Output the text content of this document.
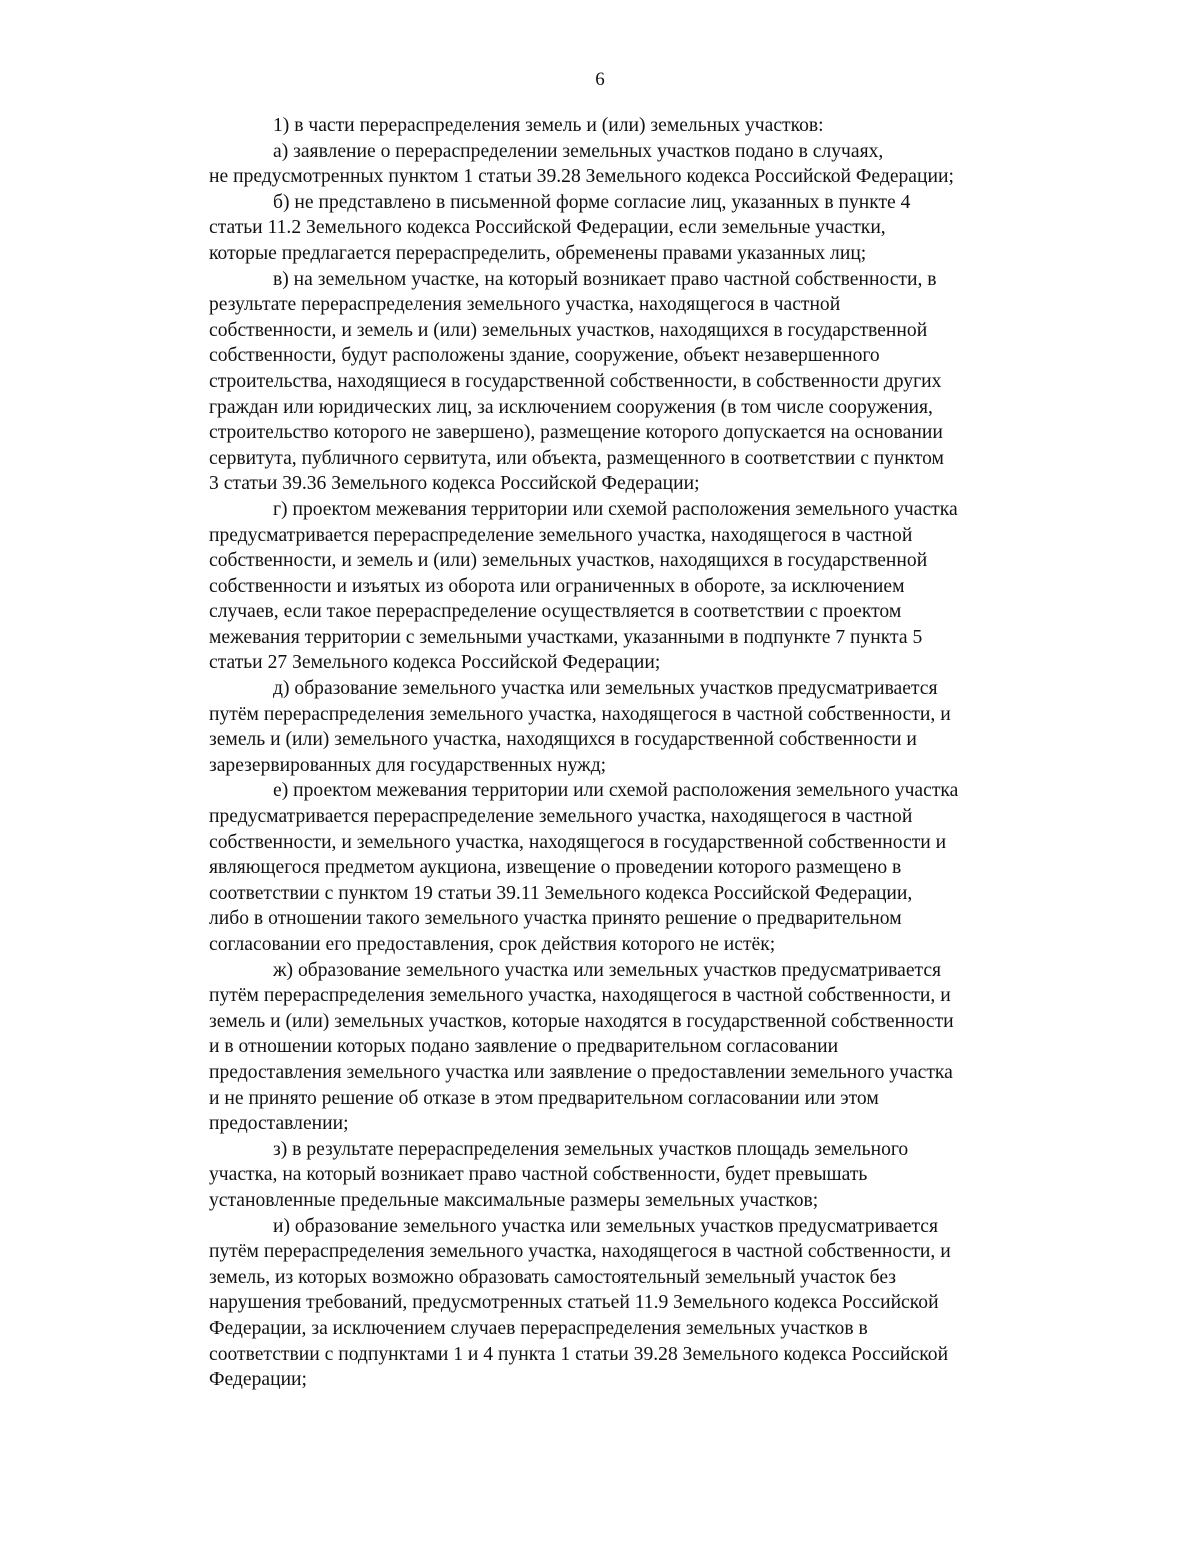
6

1) в части перераспределения земель и (или) земельных участков:

а) заявление о перераспределении земельных участков подано в случаях,
не предусмотренных пунктом 1 статьи 39.28 Земельного кодекса Российской Федерации;

б) не представлено в письменной форме согласие лиц, указанных в пункте 4
статьи 11.2 Земельного кодекса Российской Федерации, если земельные участки,
которые предлагается перераспределить, обременены правами указанных лиц;

в) на земельном участке, на который возникает право частной собственности, в
результате перераспределения земельного участка, находящегося в частной
собственности, и земель и (или) земельных участков, находящихся в государственной
собственности, будут расположены здание, сооружение, объект незавершенного
строительства, находящиеся в государственной собственности, в собственности других
граждан или юридических лиц, за исключением сооружения (в том числе сооружения,
строительство которого не завершено), размещение которого допускается на основании
сервитута, публичного сервитута, или объекта, размещенного в соответствии с пунктом
3 статьи 39.36 Земельного кодекса Российской Федерации;

г) проектом межевания территории или схемой расположения земельного участка
предусматривается перераспределение земельного участка, находящегося в частной
собственности, и земель и (или) земельных участков, находящихся в государственной
собственности и изъятых из оборота или ограниченных в обороте, за исключением
случаев, если такое перераспределение осуществляется в соответствии с проектом
межевания территории с земельными участками, указанными в подпункте 7 пункта 5
статьи 27 Земельного кодекса Российской Федерации;

д) образование земельного участка или земельных участков предусматривается
путём перераспределения земельного участка, находящегося в частной собственности, и
земель и (или) земельного участка, находящихся в государственной собственности и
зарезервированных для государственных нужд;

е) проектом межевания территории или схемой расположения земельного участка
предусматривается перераспределение земельного участка, находящегося в частной
собственности, и земельного участка, находящегося в государственной собственности и
являющегося предметом аукциона, извещение о проведении которого размещено в
соответствии с пунктом 19 статьи 39.11 Земельного кодекса Российской Федерации,
либо в отношении такого земельного участка принято решение о предварительном
согласовании его предоставления, срок действия которого не истёк;

ж) образование земельного участка или земельных участков предусматривается
путём перераспределения земельного участка, находящегося в частной собственности, и
земель и (или) земельных участков, которые находятся в государственной собственности
и в отношении которых подано заявление о предварительном согласовании
предоставления земельного участка или заявление о предоставлении земельного участка
и не принято решение об отказе в этом предварительном согласовании или этом
предоставлении;

з) в результате перераспределения земельных участков площадь земельного
участка, на который возникает право частной собственности, будет превышать
установленные предельные максимальные размеры земельных участков;

и) образование земельного участка или земельных участков предусматривается
путём перераспределения земельного участка, находящегося в частной собственности, и
земель, из которых возможно образовать самостоятельный земельный участок без
нарушения требований, предусмотренных статьей 11.9 Земельного кодекса Российской
Федерации, за исключением случаев перераспределения земельных участков в
соответствии с подпунктами 1 и 4 пункта 1 статьи 39.28 Земельного кодекса Российской
Федерации;
